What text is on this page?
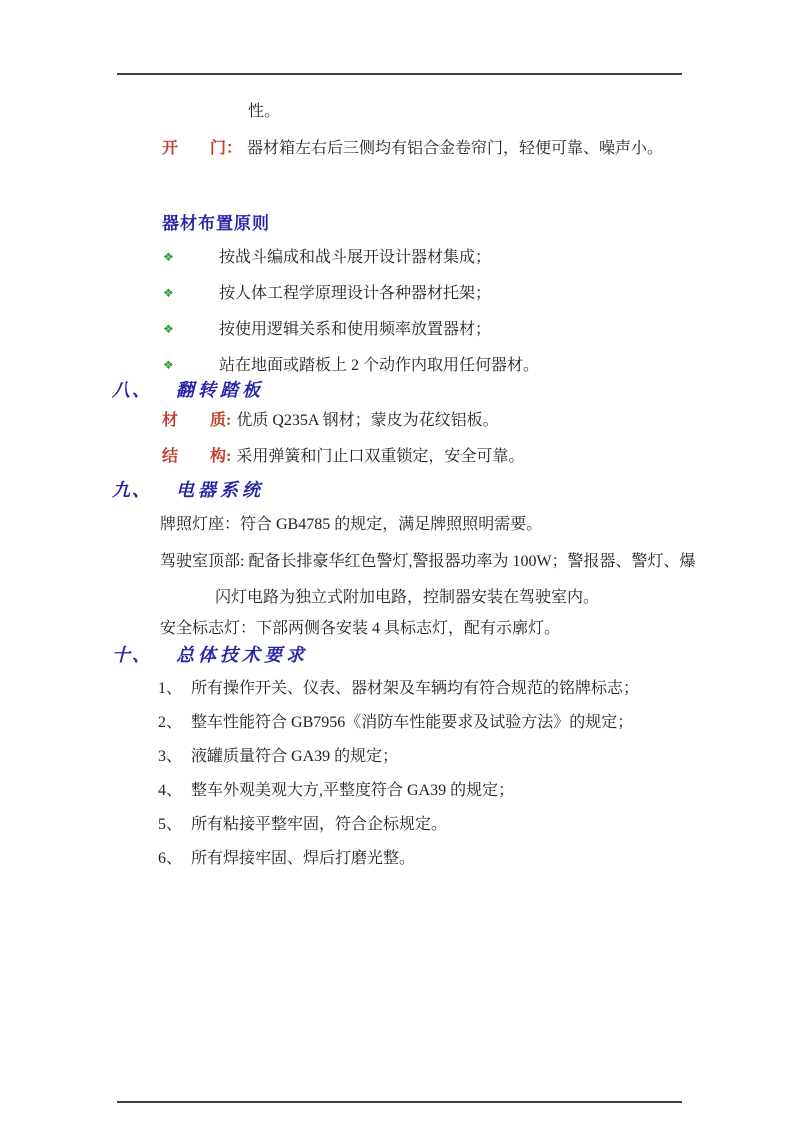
性。
开　　门： 器材箱左右后三侧均有铝合金卷帘门，轻便可靠、噪声小。
器材布置原则
❖	按战斗编成和战斗展开设计器材集成；
❖	按人体工程学原理设计各种器材托架；
❖	按使用逻辑关系和使用频率放置器材；
❖	站在地面或踏板上 2 个动作内取用任何器材。
八、 翻转踏板
材　　质: 优质 Q235A 钢材；蒙皮为花纹铝板。
结　　构: 采用弹簧和门止口双重锁定，安全可靠。
九、 电器系统
牌照灯座：符合 GB4785 的规定，满足牌照照明需要。
驾驶室顶部: 配备长排豪华红色警灯,警报器功率为 100W；警报器、警灯、爆
闪灯电路为独立式附加电路，控制器安装在驾驶室内。
安全标志灯：下部两侧各安装 4 具标志灯，配有示廓灯。
十、 总体技术要求
1、 所有操作开关、仪表、器材架及车辆均有符合规范的铭牌标志；
2、 整车性能符合 GB7956《消防车性能要求及试验方法》的规定；
3、 液罐质量符合 GA39 的规定；
4、 整车外观美观大方,平整度符合 GA39 的规定；
5、 所有粘接平整牢固，符合企标规定。
6、 所有焊接牢固、焊后打磨光整。
